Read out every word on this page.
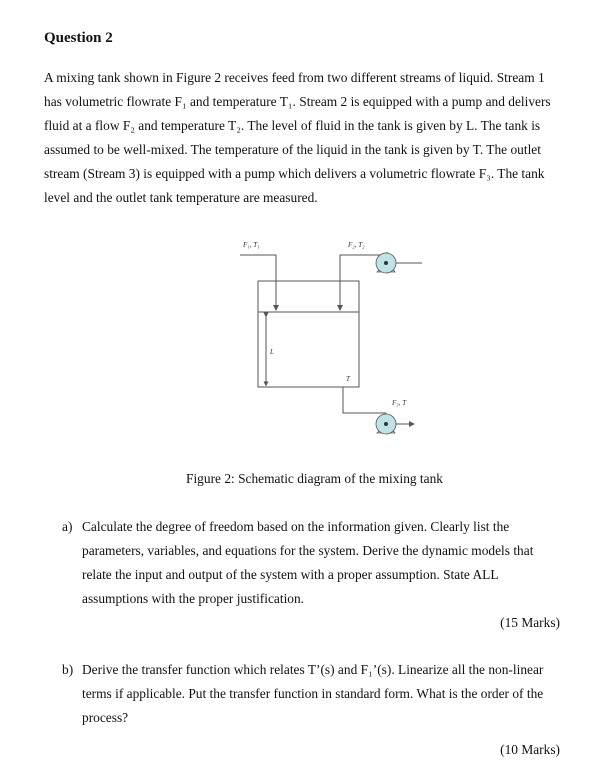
Question 2
A mixing tank shown in Figure 2 receives feed from two different streams of liquid. Stream 1
has volumetric flowrate F₁ and temperature T₁. Stream 2 is equipped with a pump and delivers
fluid at a flow F₂ and temperature T₂. The level of fluid in the tank is given by L. The tank is
assumed to be well-mixed. The temperature of the liquid in the tank is given by T. The outlet
stream (Stream 3) is equipped with a pump which delivers a volumetric flowrate F₃. The tank
level and the outlet tank temperature are measured.
F₁, T₁	F₂, T₂
L
T
F₃, T
Figure 2: Schematic diagram of the mixing tank
a) Calculate the degree of freedom based on the information given. Clearly list the
parameters, variables, and equations for the system. Derive the dynamic models that
relate the input and output of the system with a proper assumption. State ALL
assumptions with the proper justification.
(15 Marks)
b) Derive the transfer function which relates T’(s) and F₁’(s). Linearize all the non-linear
terms if applicable. Put the transfer function in standard form. What is the order of the
process?
(10 Marks)
